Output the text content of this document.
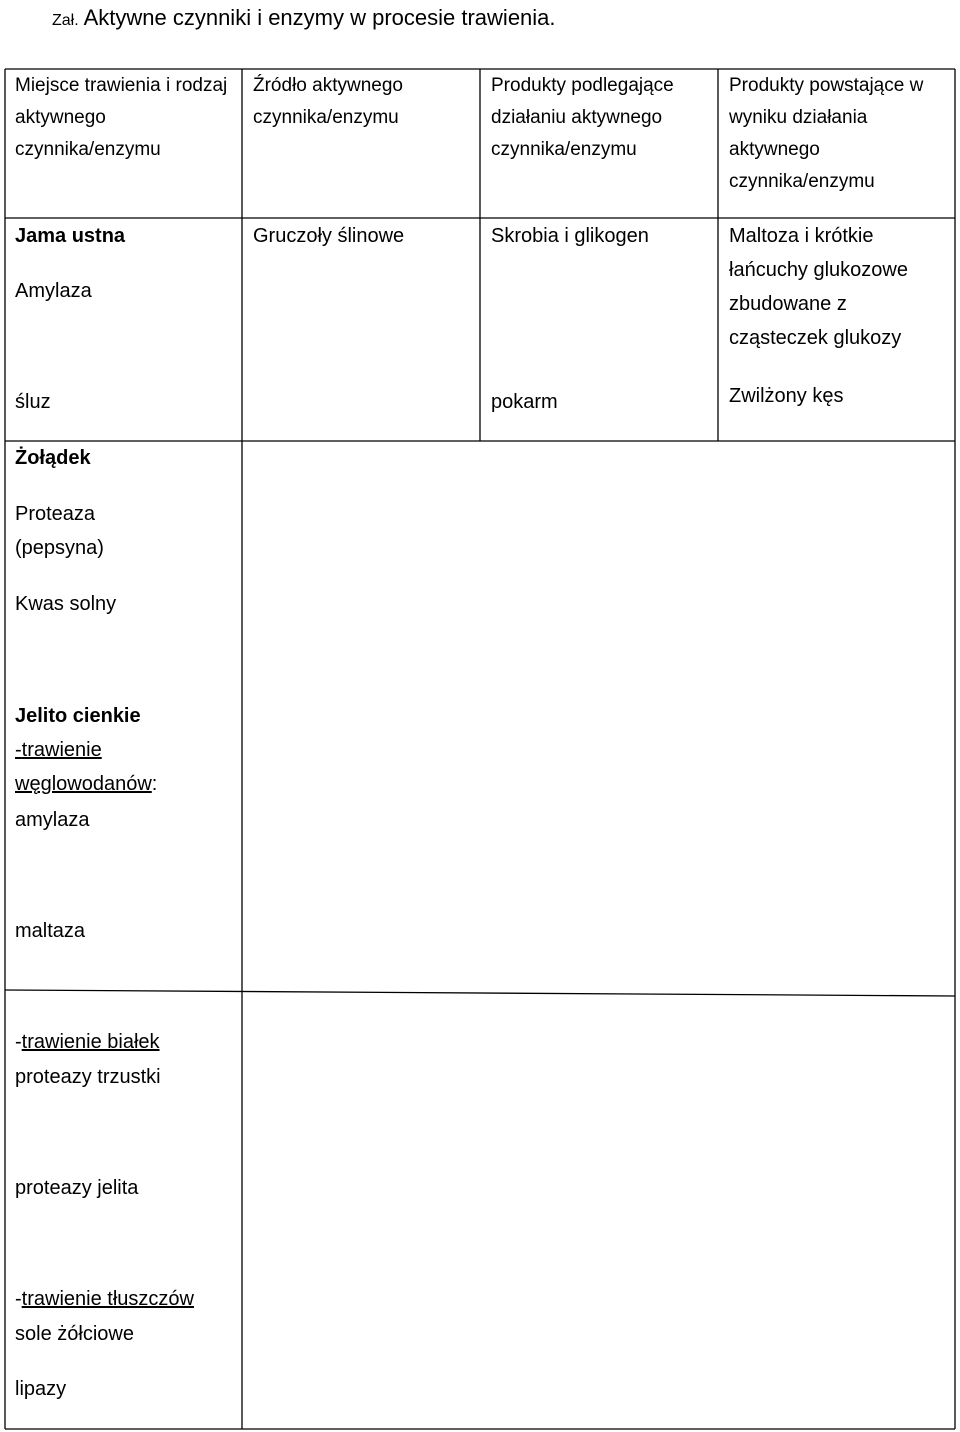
Zał. Aktywne czynniki i enzymy w procesie trawienia.
Miejsce trawienia i rodzaj aktywnego czynnika/enzymu
Źródło aktywnego czynnika/enzymu
Produkty podlegające działaniu aktywnego czynnika/enzymu
Produkty powstające w wyniku działania aktywnego czynnika/enzymu
Jama ustna
Amylaza
śluz
Gruczoły ślinowe	Skrobia i glikogen
pokarm
Maltoza i krótkie łańcuchy glukozowe zbudowane z cząsteczek glukozy
Zwilżony kęs
Żołądek
Proteaza (pepsyna)
Kwas solny
Jelito cienkie
-trawienie węglowodanów:
amylaza
maltaza
-trawienie białek
proteazy trzustki
proteazy jelita
-trawienie tłuszczów
sole żółciowe
lipazy
